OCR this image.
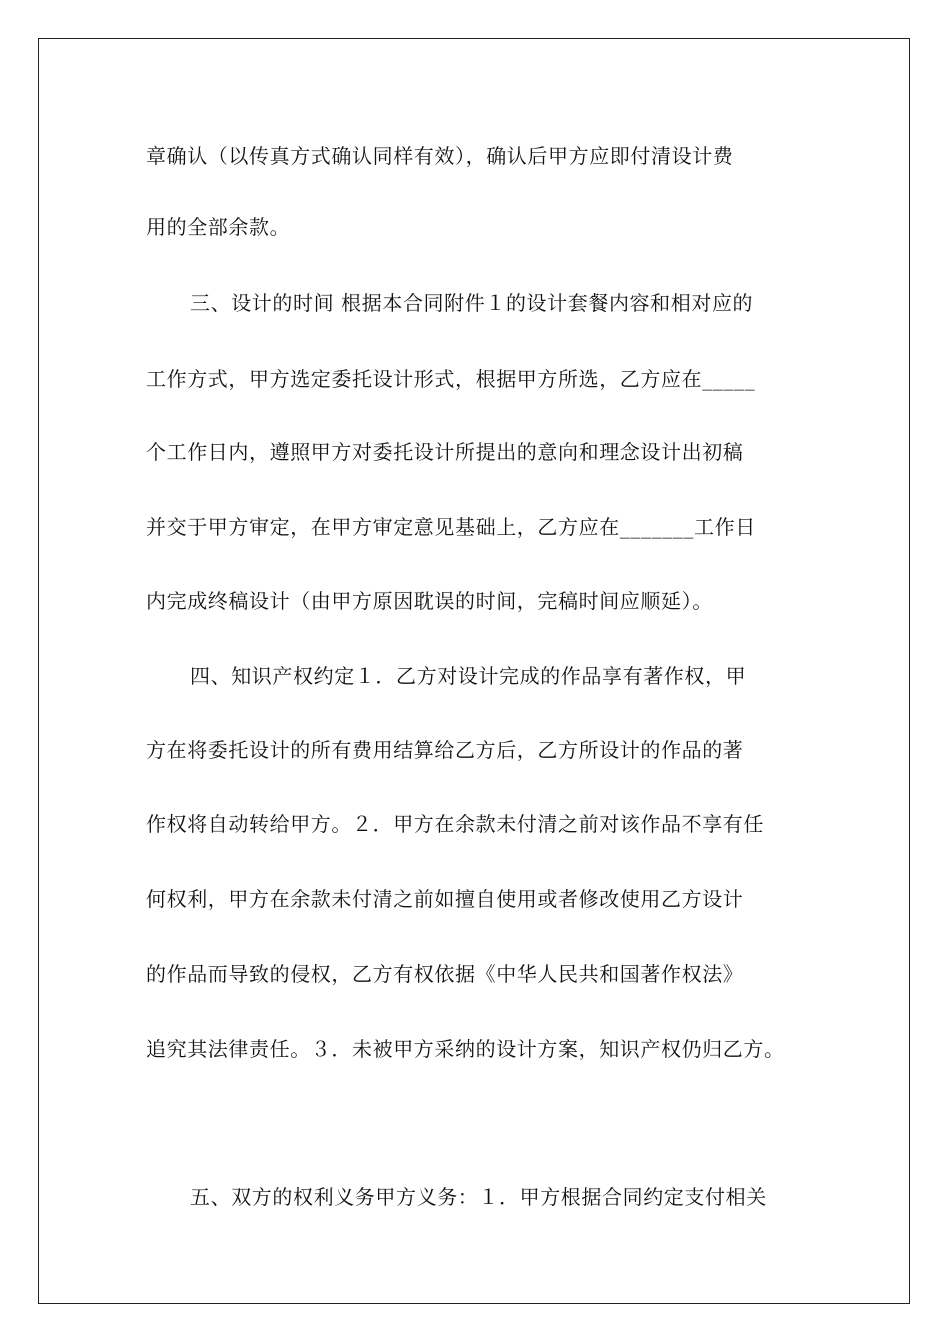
章确认（以传真方式确认同样有效），确认后甲方应即付清设计费
用的全部余款。
三、设计的时间 根据本合同附件１的设计套餐内容和相对应的
工作方式，甲方选定委托设计形式，根据甲方所选，乙方应在_____
个工作日内，遵照甲方对委托设计所提出的意向和理念设计出初稿
并交于甲方审定，在甲方审定意见基础上，乙方应在_______工作日
内完成终稿设计（由甲方原因耽误的时间，完稿时间应顺延）。
四、知识产权约定１．乙方对设计完成的作品享有著作权，甲
方在将委托设计的所有费用结算给乙方后，乙方所设计的作品的著
作权将自动转给甲方。２．甲方在余款未付清之前对该作品不享有任
何权利，甲方在余款未付清之前如擅自使用或者修改使用乙方设计
的作品而导致的侵权，乙方有权依据《中华人民共和国著作权法》
追究其法律责任。３．未被甲方采纳的设计方案，知识产权仍归乙方。
五、双方的权利义务甲方义务：１．甲方根据合同约定支付相关
